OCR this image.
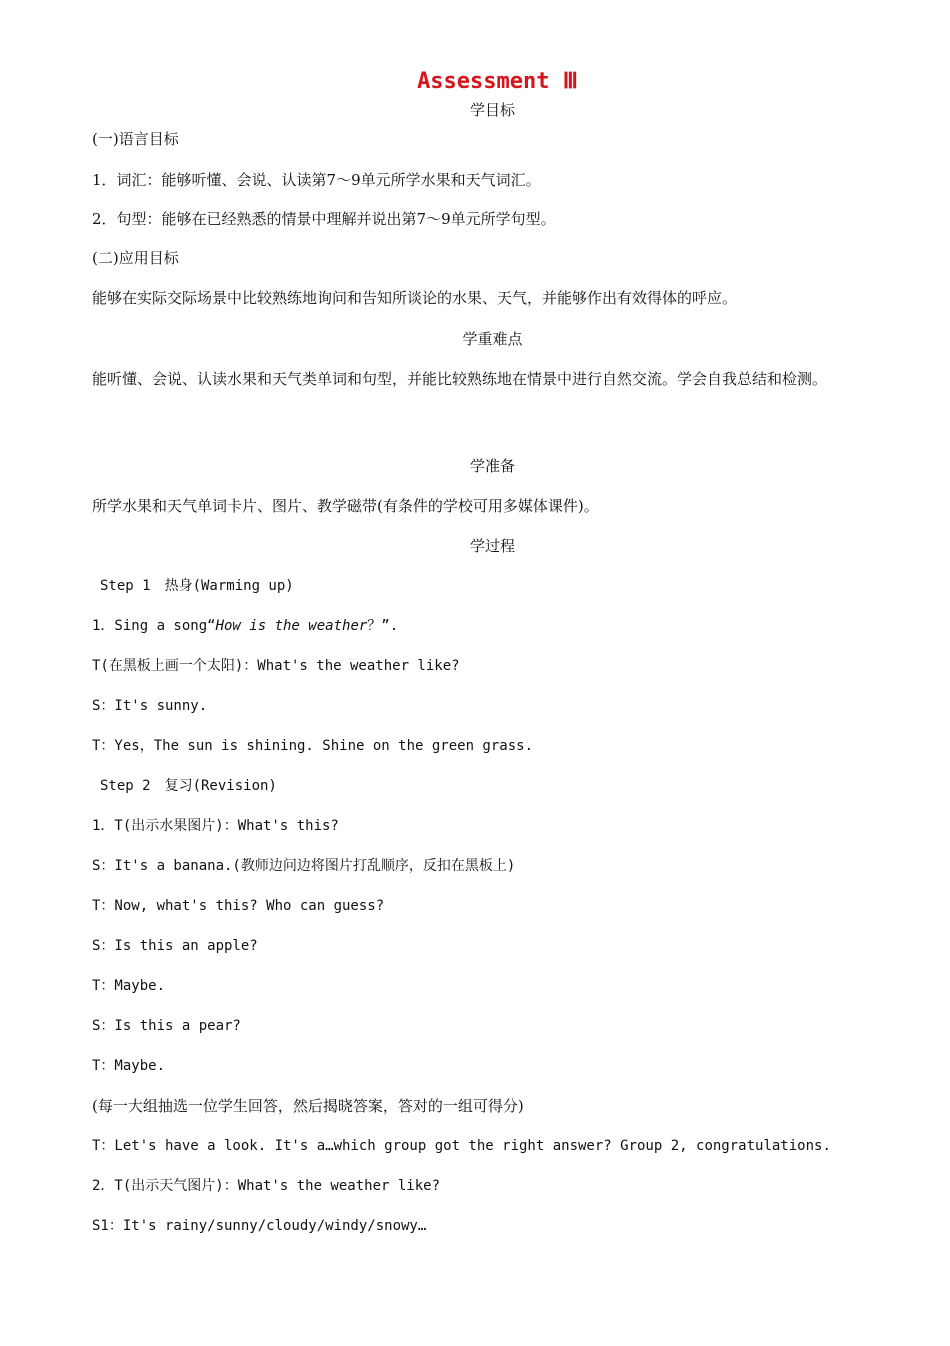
Assessment Ⅲ
学目标
(一)语言目标
1．词汇：能够听懂、会说、认读第7～9单元所学水果和天气词汇。
2．句型：能够在已经熟悉的情景中理解并说出第7～9单元所学句型。
(二)应用目标
能够在实际交际场景中比较熟练地询问和告知所谈论的水果、天气，并能够作出有效得体的呼应。
学重难点
能听懂、会说、认读水果和天气类单词和句型，并能比较熟练地在情景中进行自然交流。学会自我总结和检测。
学准备
所学水果和天气单词卡片、图片、教学磁带(有条件的学校可用多媒体课件)。
学过程
Step 1　热身(Warming up)
1．Sing a song“How is the weather？”.
T(在黑板上画一个太阳)：What's the weather like?
S：It's sunny.
T：Yes，The sun is shining. Shine on the green grass.
Step 2　复习(Revision)
1．T(出示水果图片)：What's this?
S：It's a banana.(教师边问边将图片打乱顺序，反扣在黑板上)
T：Now, what's this? Who can guess?
S：Is this an apple?
T：Maybe.
S：Is this a pear?
T：Maybe.
(每一大组抽选一位学生回答，然后揭晓答案，答对的一组可得分)
T：Let's have a look. It's a…which group got the right answer? Group 2, congratulations.
2．T(出示天气图片)：What's the weather like?
S1：It's rainy/sunny/cloudy/windy/snowy…
